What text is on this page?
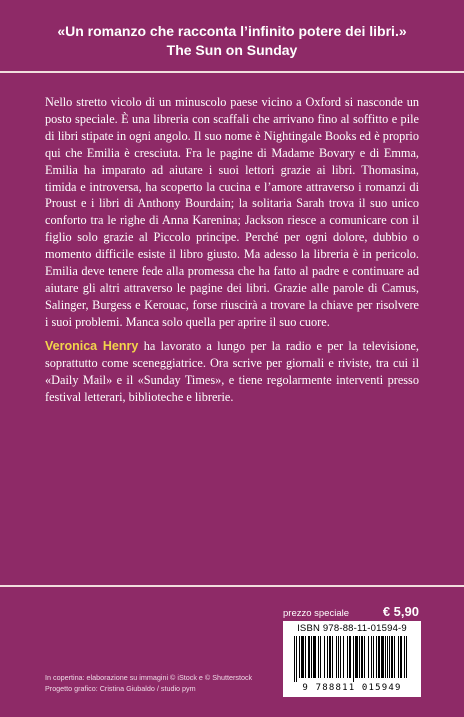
«Un romanzo che racconta l’infinito potere dei libri.»
The Sun on Sunday

Nello stretto vicolo di un minuscolo paese vicino a Oxford si nasconde un posto speciale. È una libreria con scaffali che arrivano fino al soffitto e pile di libri stipate in ogni angolo. Il suo nome è Nightingale Books ed è proprio qui che Emilia è cresciuta. Fra le pagine di Madame Bovary e di Emma, Emilia ha imparato ad aiutare i suoi lettori grazie ai libri. Thomasina, timida e introversa, ha scoperto la cucina e l’amore attraverso i romanzi di Proust e i libri di Anthony Bourdain; la solitaria Sarah trova il suo unico conforto tra le righe di Anna Karenina; Jackson riesce a comunicare con il figlio solo grazie al Piccolo principe. Perché per ogni dolore, dubbio o momento difficile esiste il libro giusto. Ma adesso la libreria è in pericolo. Emilia deve tenere fede alla promessa che ha fatto al padre e continuare ad aiutare gli altri attraverso le pagine dei libri. Grazie alle parole di Camus, Salinger, Burgess e Kerouac, forse riuscirà a trovare la chiave per risolvere i suoi problemi. Manca solo quella per aprire il suo cuore.

Veronica Henry ha lavorato a lungo per la radio e per la televisione, soprattutto come sceneggiatrice. Ora scrive per giornali e riviste, tra cui il «Daily Mail» e il «Sunday Times», e tiene regolarmente interventi presso festival letterari, biblioteche e librerie.

prezzo speciale	€ 5,90
ISBN 978-88-11-01594-9
9 788811 015949
In copertina: elaborazione su immagini © iStock e © Shutterstock
Progetto grafico: Cristina Giubaldo / studio pym
